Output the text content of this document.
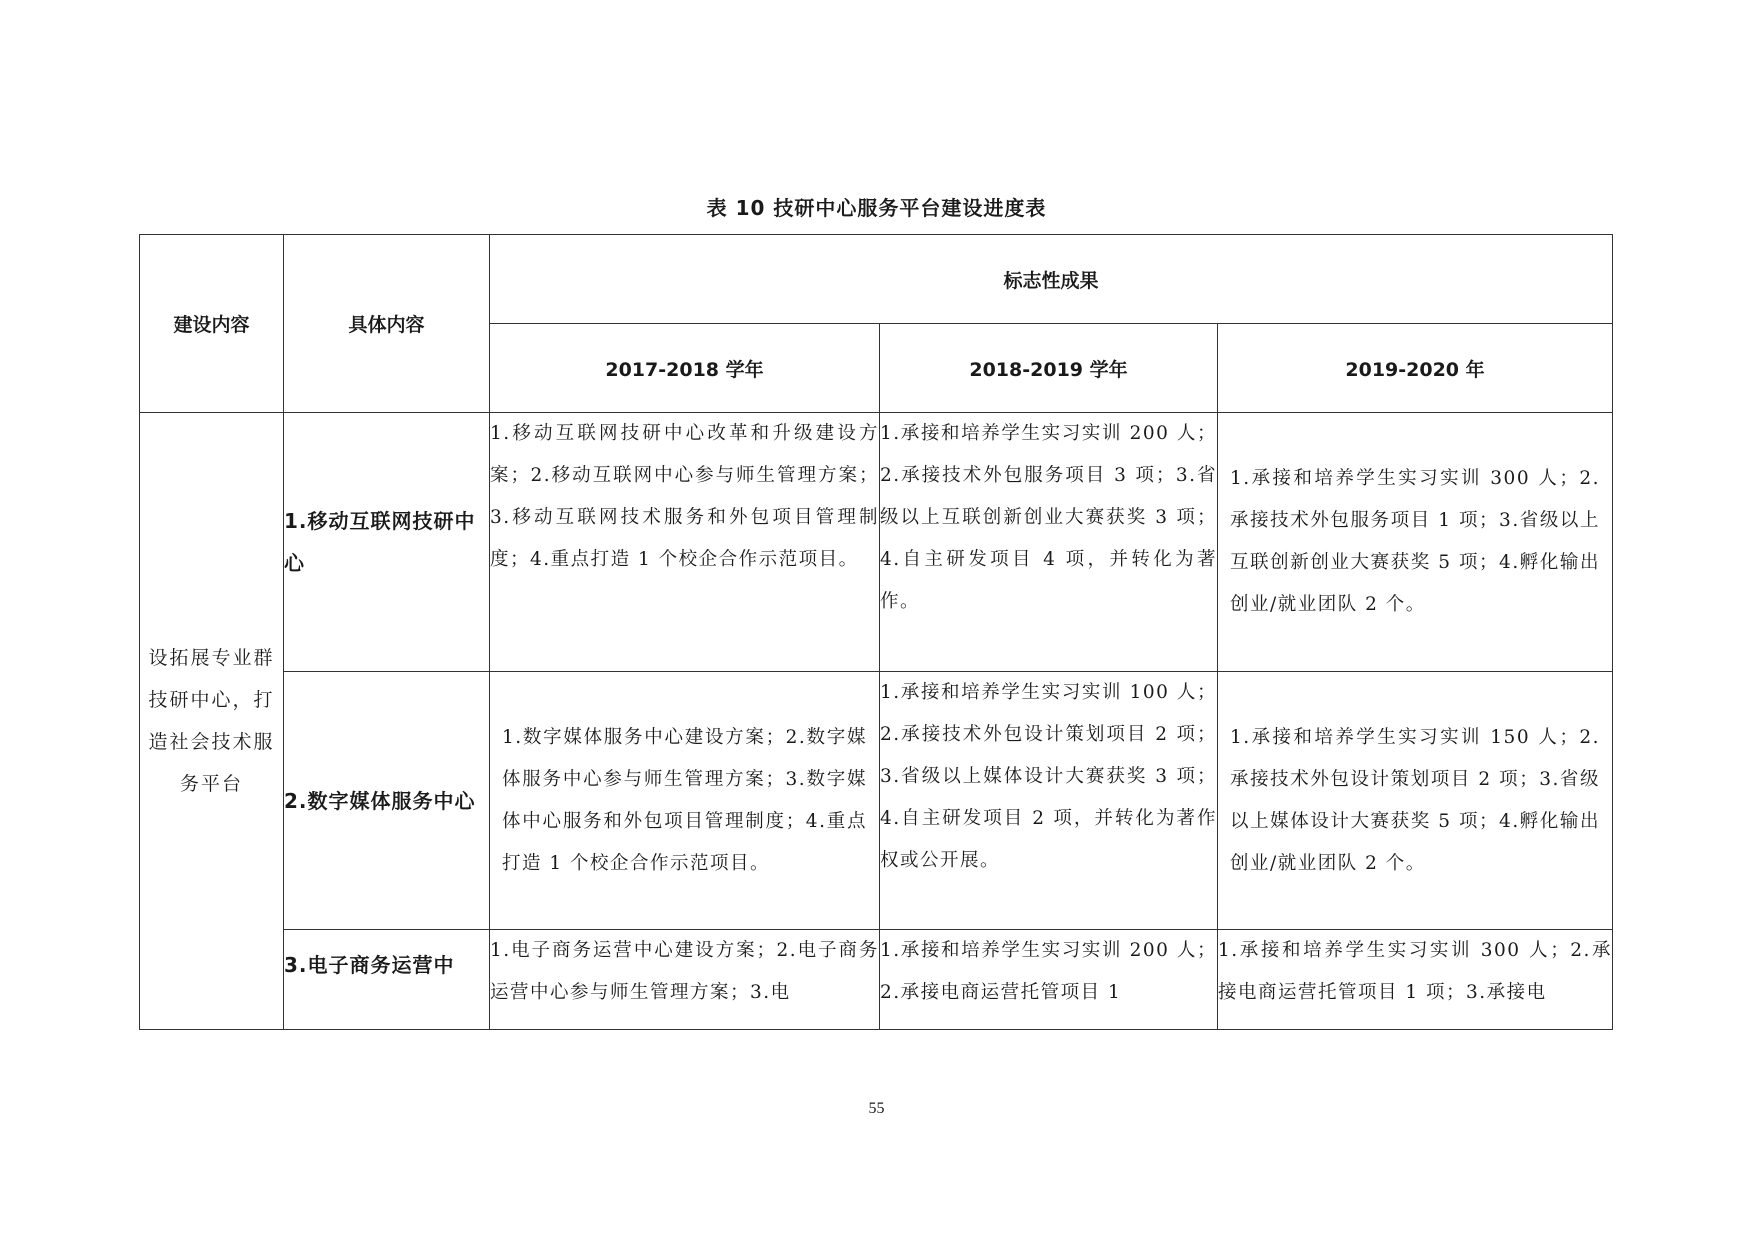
表 10 技研中心服务平台建设进度表
建设内容	具体内容	标志性成果		
		2017-2018 学年	2018-2019 学年	2019-2020 年
设拓展专业群技研中心，打造社会技术服务平台	1.移动互联网技研中心	1.移动互联网技研中心改革和升级建设方案；2.移动互联网中心参与师生管理方案；3.移动互联网技术服务和外包项目管理制度；4.重点打造 1 个校企合作示范项目。	1.承接和培养学生实习实训 200 人；2.承接技术外包服务项目 3 项；3.省级以上互联创新创业大赛获奖 3 项；4.自主研发项目 4 项，并转化为著作。	1.承接和培养学生实习实训 300 人；2.承接技术外包服务项目 1 项；3.省级以上互联创新创业大赛获奖 5 项；4.孵化输出创业/就业团队 2 个。
	2.数字媒体服务中心	1.数字媒体服务中心建设方案；2.数字媒体服务中心参与师生管理方案；3.数字媒体中心服务和外包项目管理制度；4.重点打造 1 个校企合作示范项目。	1.承接和培养学生实习实训 100 人；2.承接技术外包设计策划项目 2 项；3.省级以上媒体设计大赛获奖 3 项；4.自主研发项目 2 项，并转化为著作权或公开展。	1.承接和培养学生实习实训 150 人；2.承接技术外包设计策划项目 2 项；3.省级以上媒体设计大赛获奖 5 项；4.孵化输出创业/就业团队 2 个。
	3.电子商务运营中	1.电子商务运营中心建设方案；2.电子商务运营中心参与师生管理方案；3.电	1.承接和培养学生实习实训 200 人；2.承接电商运营托管项目 1	1.承接和培养学生实习实训 300 人；2.承接电商运营托管项目 1 项；3.承接电
55
